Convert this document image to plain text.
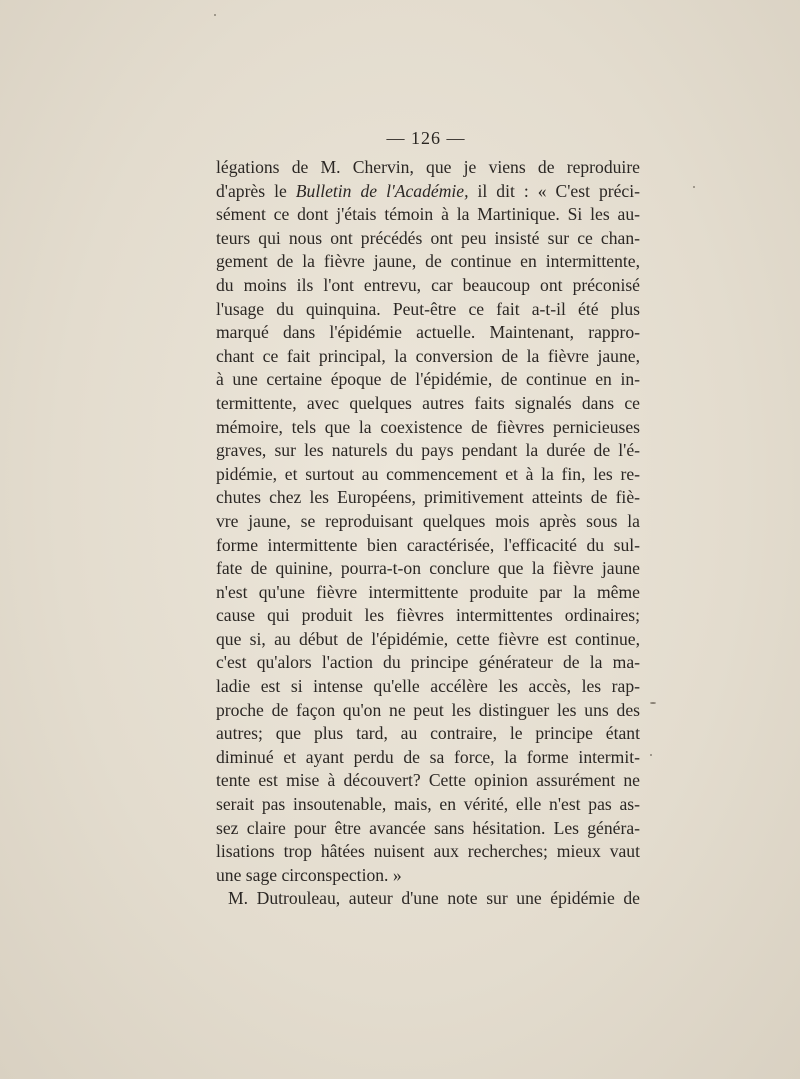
— 126 —
légations de M. Chervin, que je viens de reproduire
d'après le Bulletin de l'Académie, il dit : « C'est préci-
sément ce dont j'étais témoin à la Martinique. Si les au-
teurs qui nous ont précédés ont peu insisté sur ce chan-
gement de la fièvre jaune, de continue en intermittente,
du moins ils l'ont entrevu, car beaucoup ont préconisé
l'usage du quinquina. Peut-être ce fait a-t-il été plus
marqué dans l'épidémie actuelle. Maintenant, rappro-
chant ce fait principal, la conversion de la fièvre jaune,
à une certaine époque de l'épidémie, de continue en in-
termittente, avec quelques autres faits signalés dans ce
mémoire, tels que la coexistence de fièvres pernicieuses
graves, sur les naturels du pays pendant la durée de l'é-
pidémie, et surtout au commencement et à la fin, les re-
chutes chez les Européens, primitivement atteints de fiè-
vre jaune, se reproduisant quelques mois après sous la
forme intermittente bien caractérisée, l'efficacité du sul-
fate de quinine, pourra-t-on conclure que la fièvre jaune
n'est qu'une fièvre intermittente produite par la même
cause qui produit les fièvres intermittentes ordinaires;
que si, au début de l'épidémie, cette fièvre est continue,
c'est qu'alors l'action du principe générateur de la ma-
ladie est si intense qu'elle accélère les accès, les rap-
proche de façon qu'on ne peut les distinguer les uns des
autres; que plus tard, au contraire, le principe étant
diminué et ayant perdu de sa force, la forme intermit-
tente est mise à découvert? Cette opinion assurément ne
serait pas insoutenable, mais, en vérité, elle n'est pas as-
sez claire pour être avancée sans hésitation. Les généra-
lisations trop hâtées nuisent aux recherches; mieux vaut
une sage circonspection. »
M. Dutrouleau, auteur d'une note sur une épidémie de
